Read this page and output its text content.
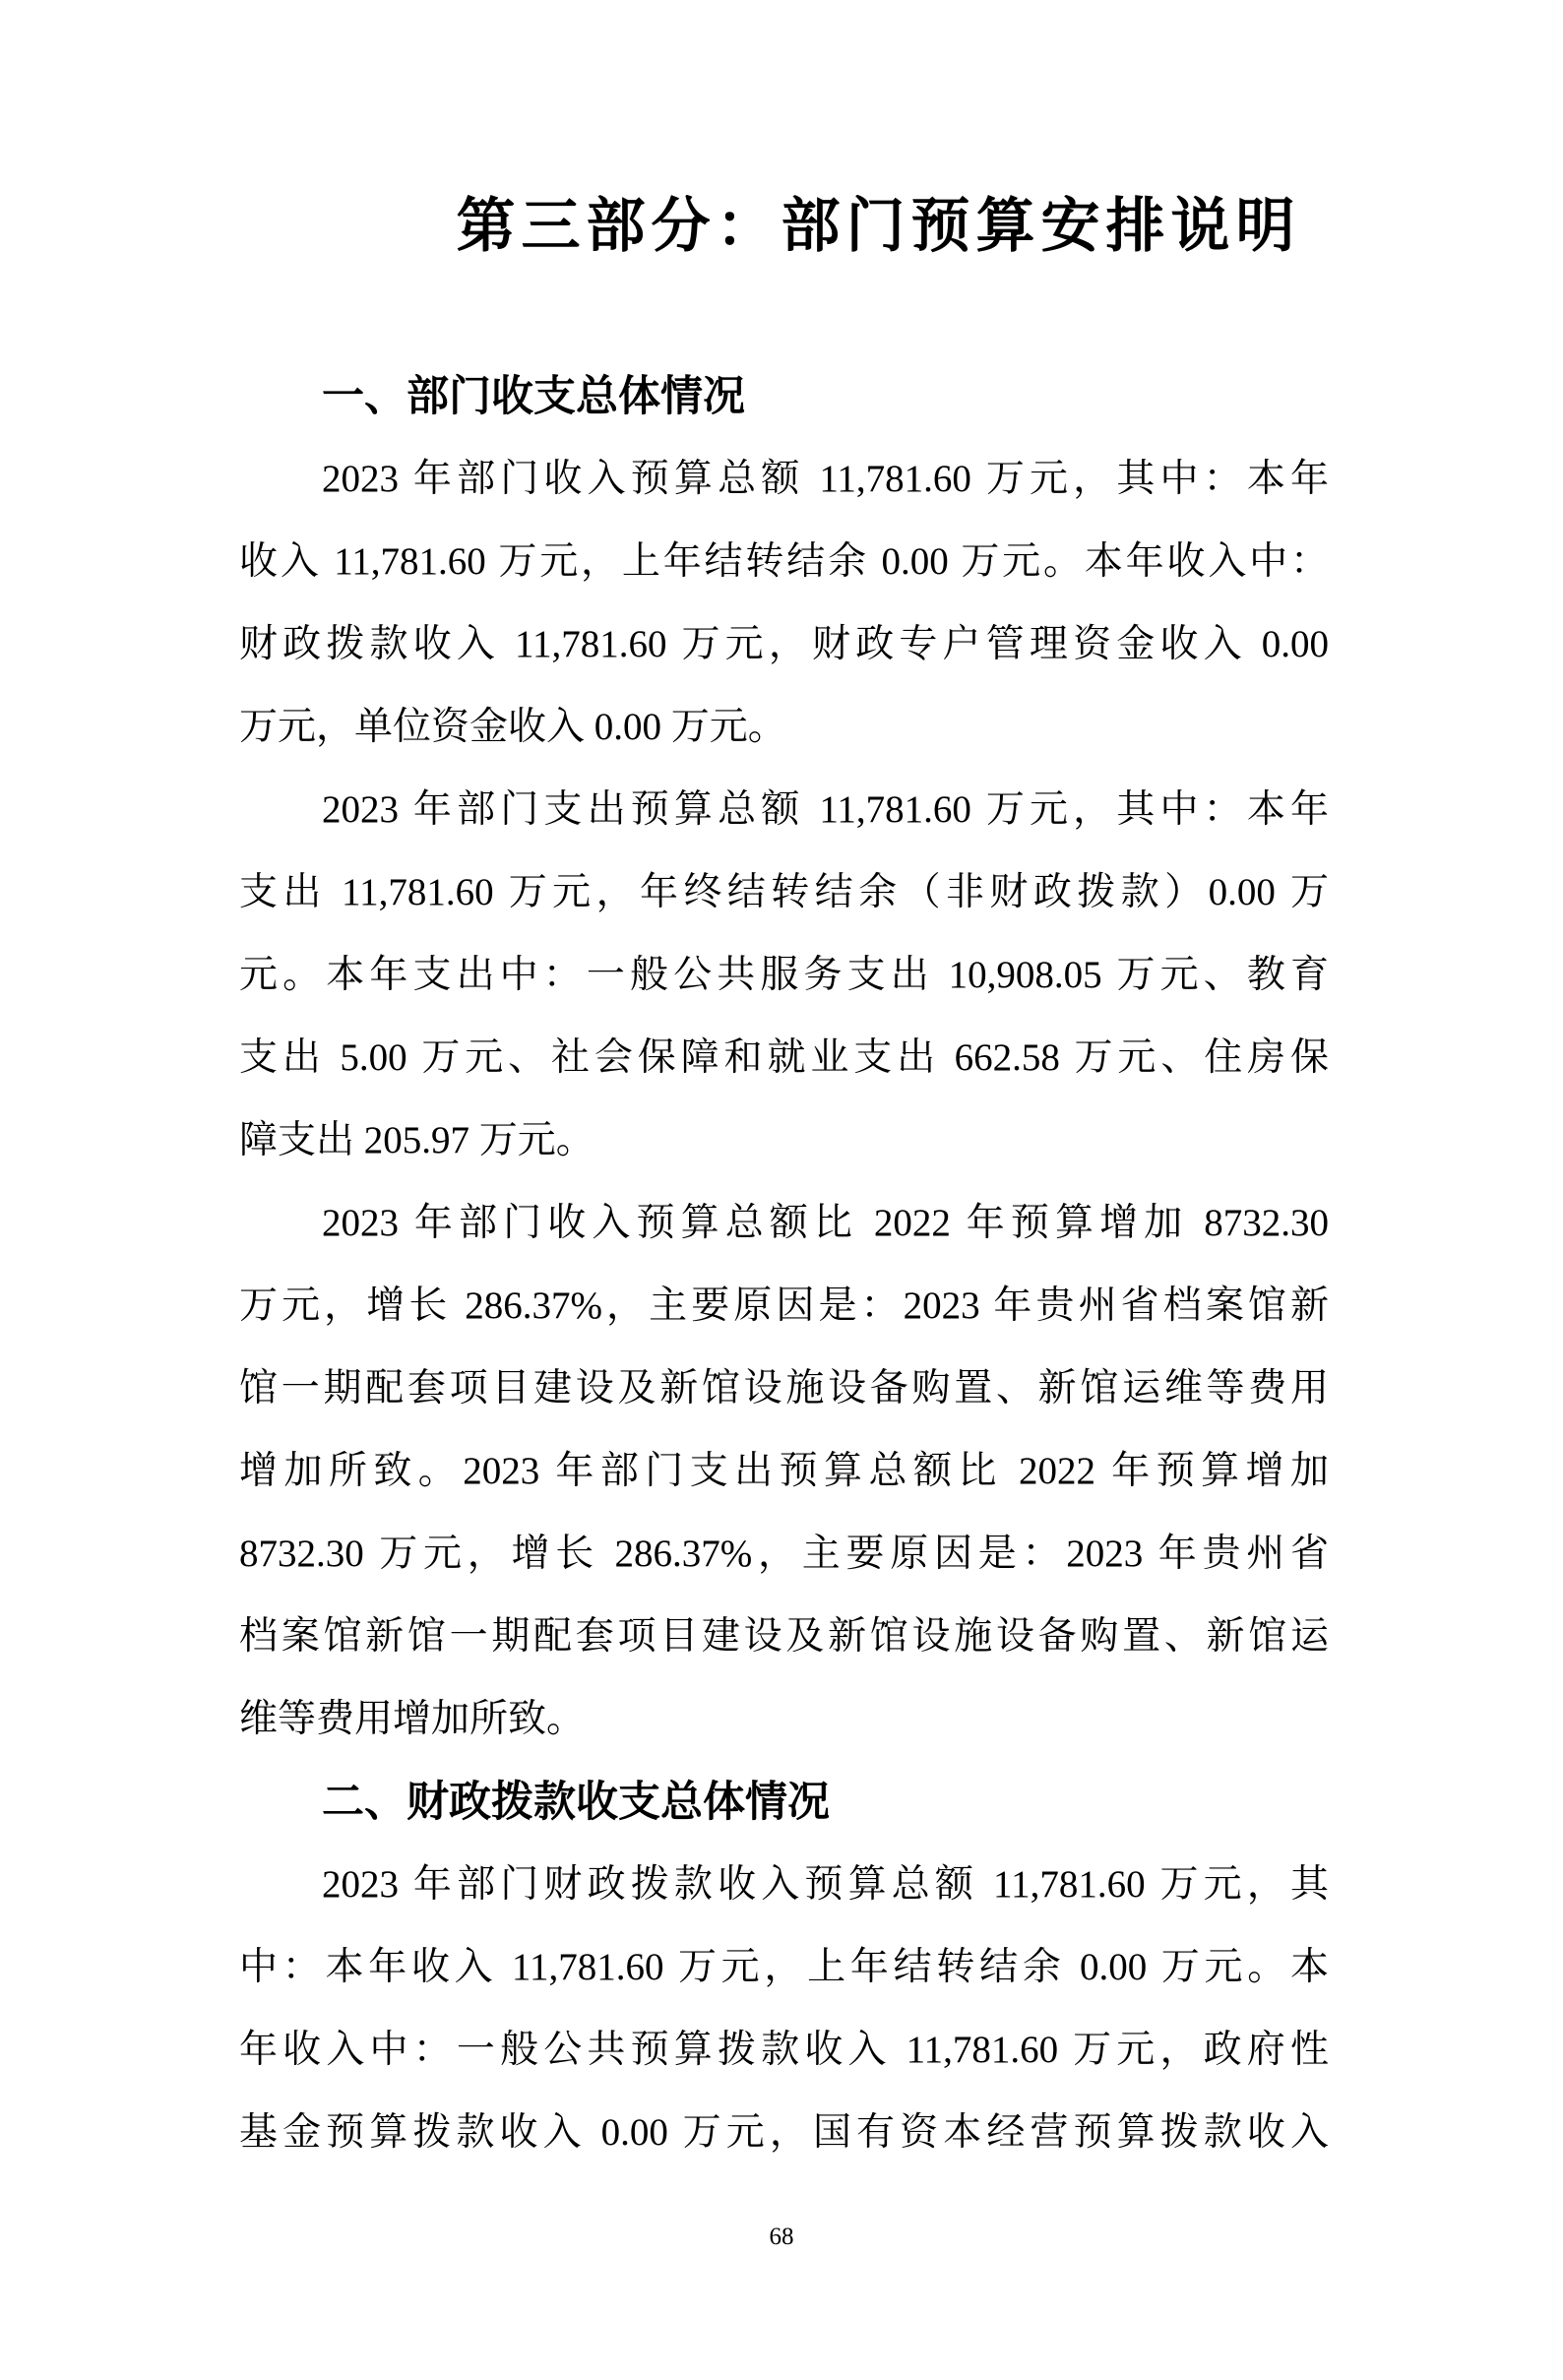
第三部分：部门预算安排说明
一、部门收支总体情况
2023 年部门收入预算总额 11,781.60 万元，其中：本年
收入 11,781.60 万元，上年结转结余 0.00 万元。本年收入中：
财政拨款收入 11,781.60 万元，财政专户管理资金收入 0.00
万元，单位资金收入 0.00 万元。
2023 年部门支出预算总额 11,781.60 万元，其中：本年
支出 11,781.60 万元，年终结转结余（非财政拨款）0.00 万
元。本年支出中：一般公共服务支出 10,908.05 万元、教育
支出 5.00 万元、社会保障和就业支出 662.58 万元、住房保
障支出 205.97 万元。
2023 年部门收入预算总额比 2022 年预算增加 8732.30
万元，增长 286.37%，主要原因是：2023 年贵州省档案馆新
馆一期配套项目建设及新馆设施设备购置、新馆运维等费用
增加所致。2023 年部门支出预算总额比 2022 年预算增加
8732.30 万元，增长 286.37%，主要原因是：2023 年贵州省
档案馆新馆一期配套项目建设及新馆设施设备购置、新馆运
维等费用增加所致。
二、财政拨款收支总体情况
2023 年部门财政拨款收入预算总额 11,781.60 万元，其
中：本年收入 11,781.60 万元，上年结转结余 0.00 万元。本
年收入中：一般公共预算拨款收入 11,781.60 万元，政府性
基金预算拨款收入 0.00 万元，国有资本经营预算拨款收入
68
